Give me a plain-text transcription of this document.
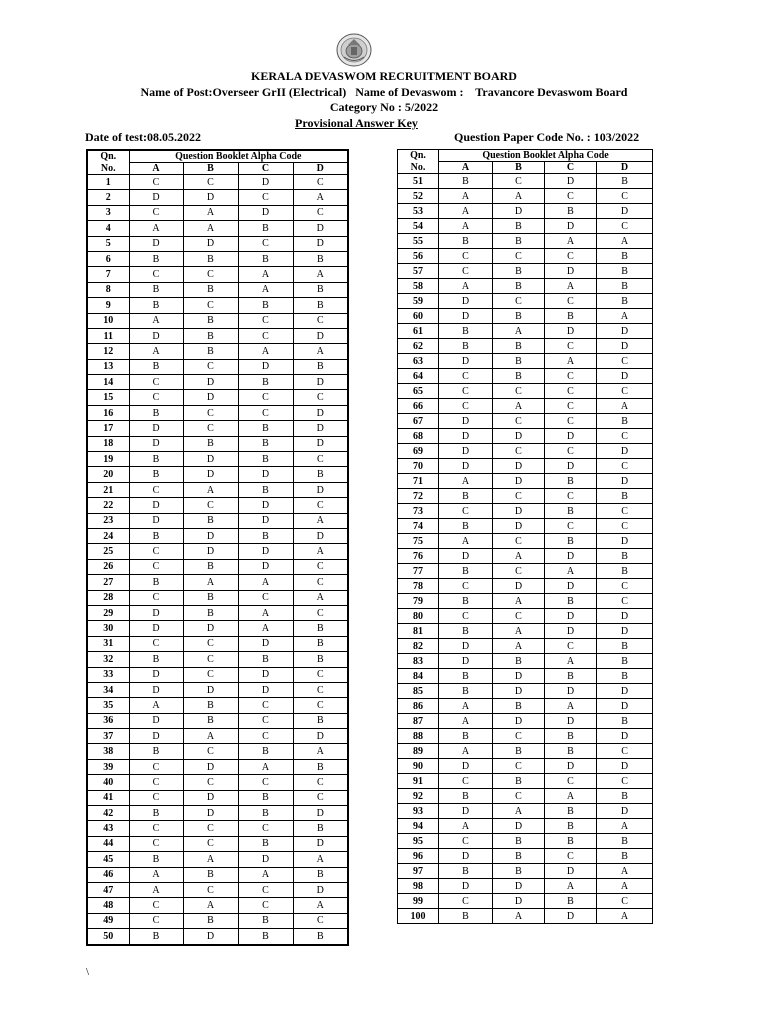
KERALA DEVASWOM RECRUITMENT BOARD
Name of Post:Overseer GrII (Electrical)   Name of Devaswom :    Travancore Devaswom Board
Category No : 5/2022
Provisional Answer Key
Date of test:08.05.2022	Question Paper Code No. : 103/2022
Qn.	Question Booklet Alpha Code			
No.	A	B	C	D
1	C	C	D	C
2	D	D	C	A
3	C	A	D	C
4	A	A	B	D
5	D	D	C	D
6	B	B	B	B
7	C	C	A	A
8	B	B	A	B
9	B	C	B	B
10	A	B	C	C
11	D	B	C	D
12	A	B	A	A
13	B	C	D	B
14	C	D	B	D
15	C	D	C	C
16	B	C	C	D
17	D	C	B	D
18	D	B	B	D
19	B	D	B	C
20	B	D	D	B
21	C	A	B	D
22	D	C	D	C
23	D	B	D	A
24	B	D	B	D
25	C	D	D	A
26	C	B	D	C
27	B	A	A	C
28	C	B	C	A
29	D	B	A	C
30	D	D	A	B
31	C	C	D	B
32	B	C	B	B
33	D	C	D	C
34	D	D	D	C
35	A	B	C	C
36	D	B	C	B
37	D	A	C	D
38	B	C	B	A
39	C	D	A	B
40	C	C	C	C
41	C	D	B	C
42	B	D	B	D
43	C	C	C	B
44	C	C	B	D
45	B	A	D	A
46	A	B	A	B
47	A	C	C	D
48	C	A	C	A
49	C	B	B	C
50	B	D	B	B
Qn.	Question Booklet Alpha Code			
No.	A	B	C	D
51	B	C	D	B
52	A	A	C	C
53	A	D	B	D
54	A	B	D	C
55	B	B	A	A
56	C	C	C	B
57	C	B	D	B
58	A	B	A	B
59	D	C	C	B
60	D	B	B	A
61	B	A	D	D
62	B	B	C	D
63	D	B	A	C
64	C	B	C	D
65	C	C	C	C
66	C	A	C	A
67	D	C	C	B
68	D	D	D	C
69	D	C	C	D
70	D	D	D	C
71	A	D	B	D
72	B	C	C	B
73	C	D	B	C
74	B	D	C	C
75	A	C	B	D
76	D	A	D	B
77	B	C	A	B
78	C	D	D	C
79	B	A	B	C
80	C	C	D	D
81	B	A	D	D
82	D	A	C	B
83	D	B	A	B
84	B	D	B	B
85	B	D	D	D
86	A	B	A	D
87	A	D	D	B
88	B	C	B	D
89	A	B	B	C
90	D	C	D	D
91	C	B	C	C
92	B	C	A	B
93	D	A	B	D
94	A	D	B	A
95	C	B	B	B
96	D	B	C	B
97	B	B	D	A
98	D	D	A	A
99	C	D	B	C
100	B	A	D	A
\
